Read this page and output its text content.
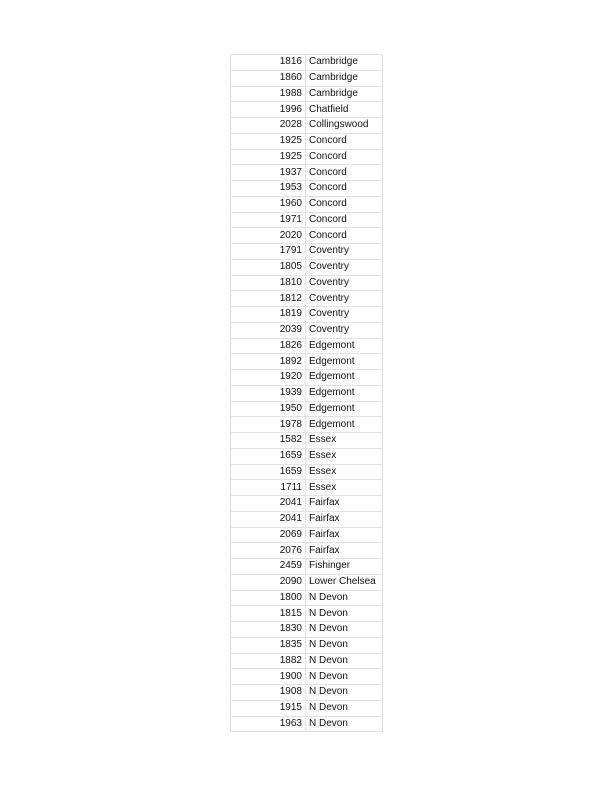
1816	Cambridge
1860	Cambridge
1988	Cambridge
1996	Chatfield
2028	Collingswood
1925	Concord
1925	Concord
1937	Concord
1953	Concord
1960	Concord
1971	Concord
2020	Concord
1791	Coventry
1805	Coventry
1810	Coventry
1812	Coventry
1819	Coventry
2039	Coventry
1826	Edgemont
1892	Edgemont
1920	Edgemont
1939	Edgemont
1950	Edgemont
1978	Edgemont
1582	Essex
1659	Essex
1659	Essex
1711	Essex
2041	Fairfax
2041	Fairfax
2069	Fairfax
2076	Fairfax
2459	Fishinger
2090	Lower Chelsea
1800	N Devon
1815	N Devon
1830	N Devon
1835	N Devon
1882	N Devon
1900	N Devon
1908	N Devon
1915	N Devon
1963	N Devon
